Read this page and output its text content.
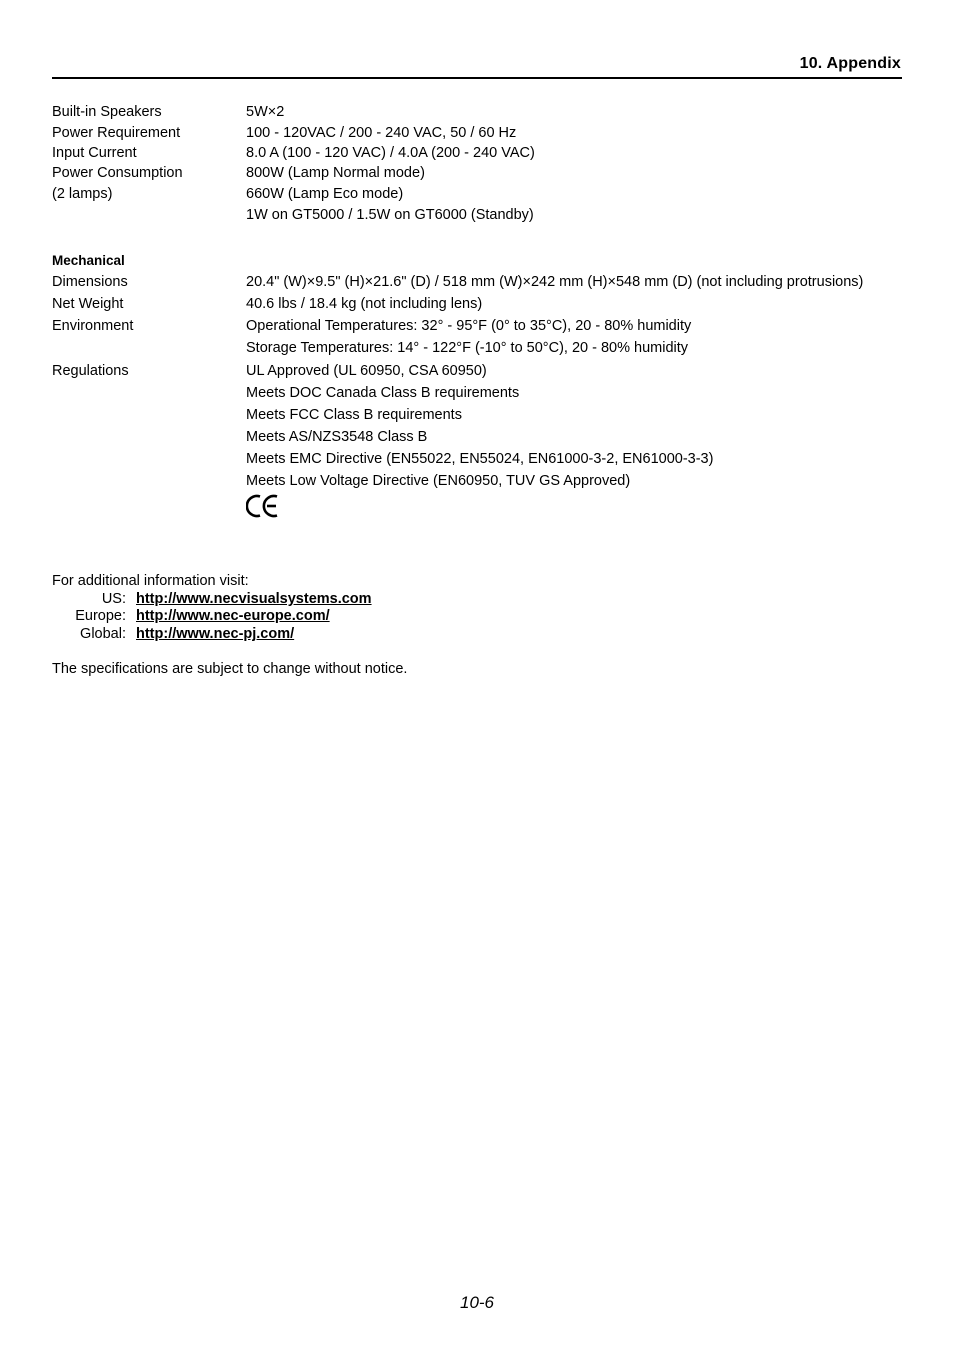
10. Appendix
Built-in Speakers	5W×2
Power Requirement	100 - 120VAC / 200 - 240 VAC, 50 / 60 Hz
Input Current	8.0 A (100 - 120 VAC) / 4.0A (200 - 240 VAC)
Power Consumption	800W (Lamp Normal mode)
(2 lamps)	660W (Lamp Eco mode)
1W on GT5000 / 1.5W on GT6000 (Standby)
Mechanical
Dimensions	20.4" (W)×9.5" (H)×21.6" (D) / 518 mm (W)×242 mm (H)×548 mm (D) (not including protrusions)
Net Weight	40.6 lbs / 18.4 kg (not including lens)
Environment	Operational Temperatures: 32° - 95°F (0° to 35°C), 20 - 80% humidity
Storage Temperatures: 14° - 122°F (-10° to 50°C), 20 - 80% humidity
Regulations	UL Approved (UL 60950, CSA 60950)
Meets DOC Canada Class B requirements
Meets FCC Class B requirements
Meets AS/NZS3548 Class B
Meets EMC Directive (EN55022, EN55024, EN61000-3-2, EN61000-3-3)
Meets Low Voltage Directive (EN60950, TUV GS Approved)
For additional information visit:
US: http://www.necvisualsystems.com
Europe: http://www.nec-europe.com/
Global: http://www.nec-pj.com/
The specifications are subject to change without notice.
10-6
